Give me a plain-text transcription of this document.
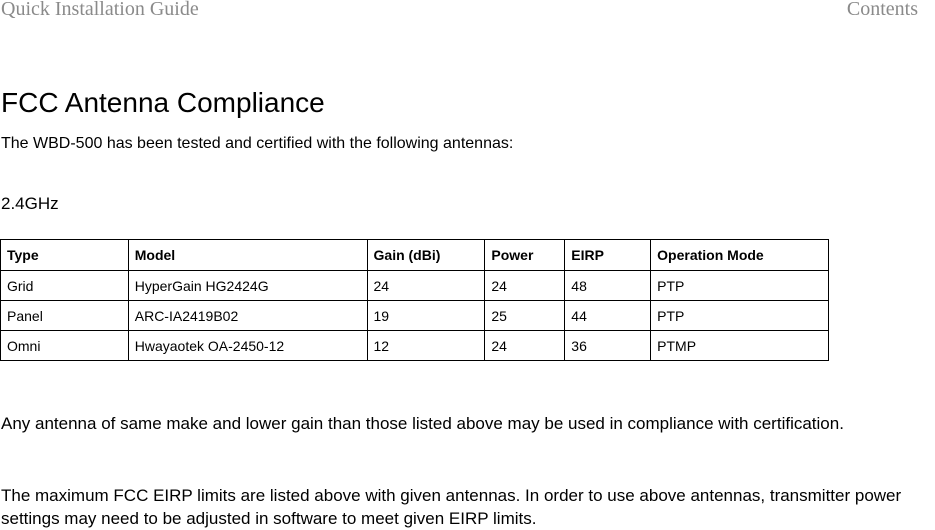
Quick Installation Guide	Contents
FCC Antenna Compliance
The WBD-500 has been tested and certified with the following antennas:
2.4GHz
Type	Model	Gain (dBi)	Power	EIRP	Operation Mode
Grid	HyperGain HG2424G	24	24	48	PTP
Panel	ARC-IA2419B02	19	25	44	PTP
Omni	Hwayaotek OA-2450-12	12	24	36	PTMP

Any antenna of same make and lower gain than those listed above may be used in compliance with certification.

The maximum FCC EIRP limits are listed above with given antennas. In order to use above antennas, transmitter power settings may need to be adjusted in software to meet given EIRP limits.
